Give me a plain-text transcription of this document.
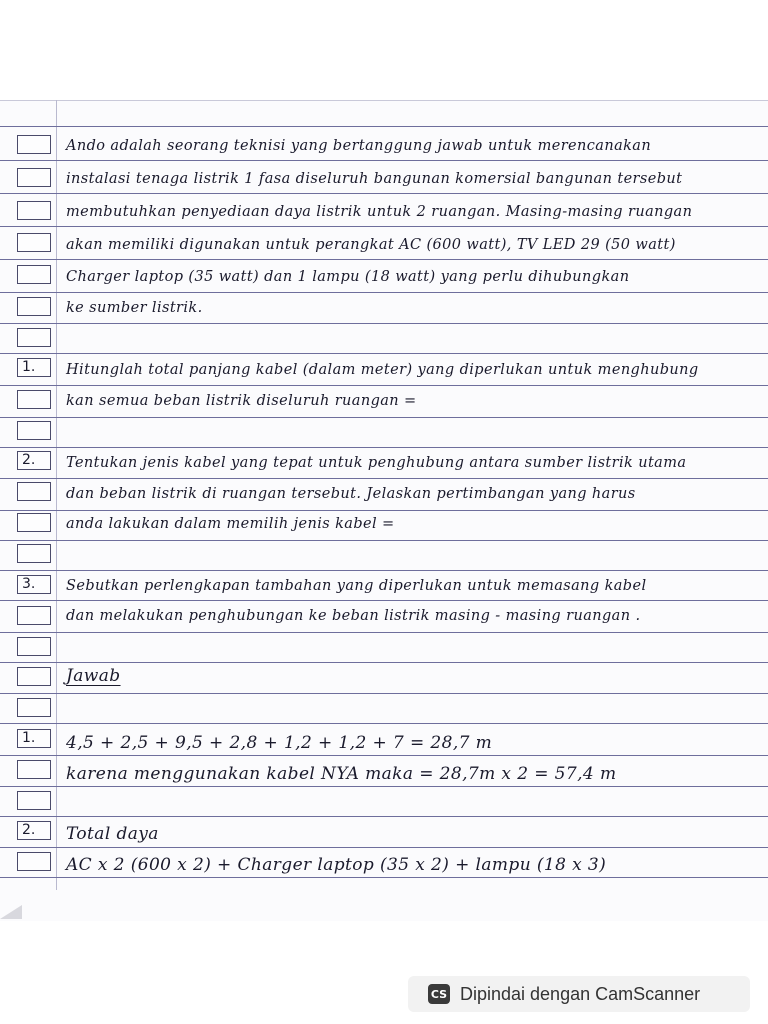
1.
2.
3.
1.
2.
Ando adalah seorang teknisi yang bertanggung jawab untuk merencanakan
instalasi tenaga listrik 1 fasa diseluruh bangunan komersial bangunan tersebut
membutuhkan penyediaan daya listrik untuk 2 ruangan. Masing-masing ruangan
akan memiliki digunakan untuk perangkat AC (600 watt), TV LED 29 (50 watt)
Charger laptop (35 watt) dan 1 lampu (18 watt) yang perlu dihubungkan
ke sumber listrik.
Hitunglah total panjang kabel (dalam meter) yang diperlukan untuk menghubung
kan semua beban listrik diseluruh ruangan =
Tentukan jenis kabel yang tepat untuk penghubung antara sumber listrik utama
dan beban listrik di ruangan tersebut. Jelaskan pertimbangan yang harus
anda lakukan dalam memilih jenis kabel =
Sebutkan perlengkapan tambahan yang diperlukan untuk memasang kabel
dan melakukan penghubungan ke beban listrik masing - masing ruangan .
Jawab
4,5 + 2,5 + 9,5 + 2,8 + 1,2 + 1,2 + 7 = 28,7 m
karena menggunakan kabel NYA maka = 28,7m x 2 = 57,4 m
Total daya
AC x 2 (600 x 2) + Charger laptop (35 x 2) + lampu (18 x 3)
CS Dipindai dengan CamScanner
